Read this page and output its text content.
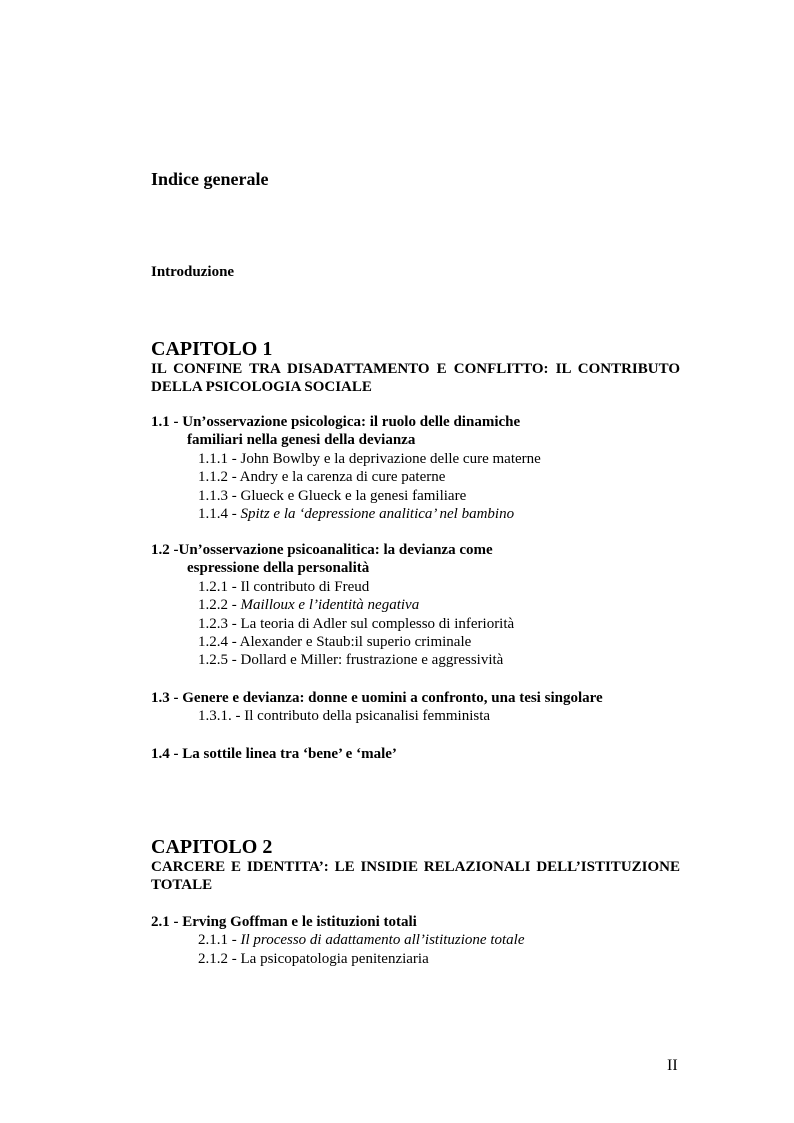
Indice generale
Introduzione
CAPITOLO 1
IL CONFINE TRA DISADATTAMENTO E CONFLITTO: IL CONTRIBUTO DELLA PSICOLOGIA SOCIALE
1.1 - Un’osservazione psicologica: il ruolo delle dinamiche
familiari nella genesi della devianza
1.1.1 - John Bowlby e la deprivazione delle cure materne
1.1.2 - Andry e la carenza di cure paterne
1.1.3 - Glueck e Glueck e la genesi familiare
1.1.4 - Spitz e la ‘depressione analitica’ nel bambino
1.2 -Un’osservazione psicoanalitica: la devianza come
espressione della personalità
1.2.1 - Il contributo di Freud
1.2.2 - Mailloux e l’identità negativa
1.2.3 - La teoria di Adler sul complesso di inferiorità
1.2.4 - Alexander e Staub:il superio criminale
1.2.5 - Dollard e Miller: frustrazione e aggressività
1.3 - Genere e devianza: donne e uomini a confronto, una tesi singolare
1.3.1. - Il contributo della psicanalisi femminista
1.4 - La sottile linea tra ‘bene’ e ‘male’
CAPITOLO 2
CARCERE E IDENTITA’: LE INSIDIE RELAZIONALI DELL’ISTITUZIONE TOTALE
2.1 - Erving Goffman e le istituzioni totali
2.1.1 - Il processo di adattamento all’istituzione totale
2.1.2 - La psicopatologia penitenziaria
II
